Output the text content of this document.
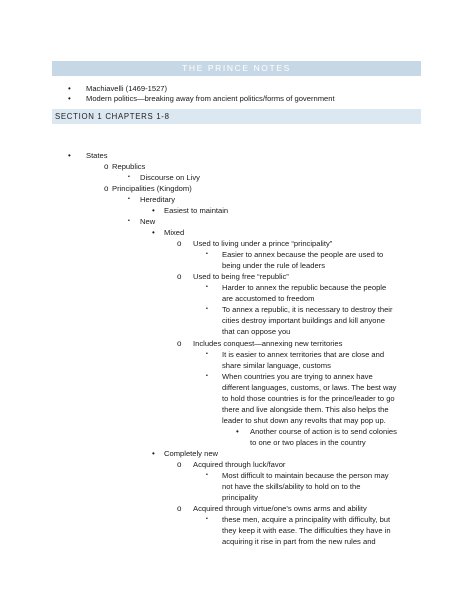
THE PRINCE NOTES
• Machiavelli (1469-1527)
• Modern politics—breaking away from ancient politics/forms of government
SECTION 1 CHAPTERS 1-8
• States
o Republics
▪ Discourse on Livy
o Principalities (Kingdom)
▪ Hereditary
• Easiest to maintain
▪ New
• Mixed
o Used to living under a prince “principality”
▪ Easier to annex because the people are used to
being under the rule of leaders
o Used to being free “republic”
▪ Harder to annex the republic because the people
are accustomed to freedom
▪ To annex a republic, it is necessary to destroy their
cities destroy important buildings and kill anyone
that can oppose you
o Includes conquest—annexing new territories
▪ It is easier to annex territories that are close and
share similar language, customs
▪ When countries you are trying to annex have
different languages, customs, or laws. The best way
to hold those countries is for the prince/leader to go
there and live alongside them. This also helps the
leader to shut down any revolts that may pop up.
• Another course of action is to send colonies
to one or two places in the country
• Completely new
o Acquired through luck/favor
▪ Most difficult to maintain because the person may
not have the skills/ability to hold on to the
principality
o Acquired through virtue/one’s owns arms and ability
▪ these men, acquire a principality with difficulty, but
they keep it with ease. The difficulties they have in
acquiring it rise in part from the new rules and
